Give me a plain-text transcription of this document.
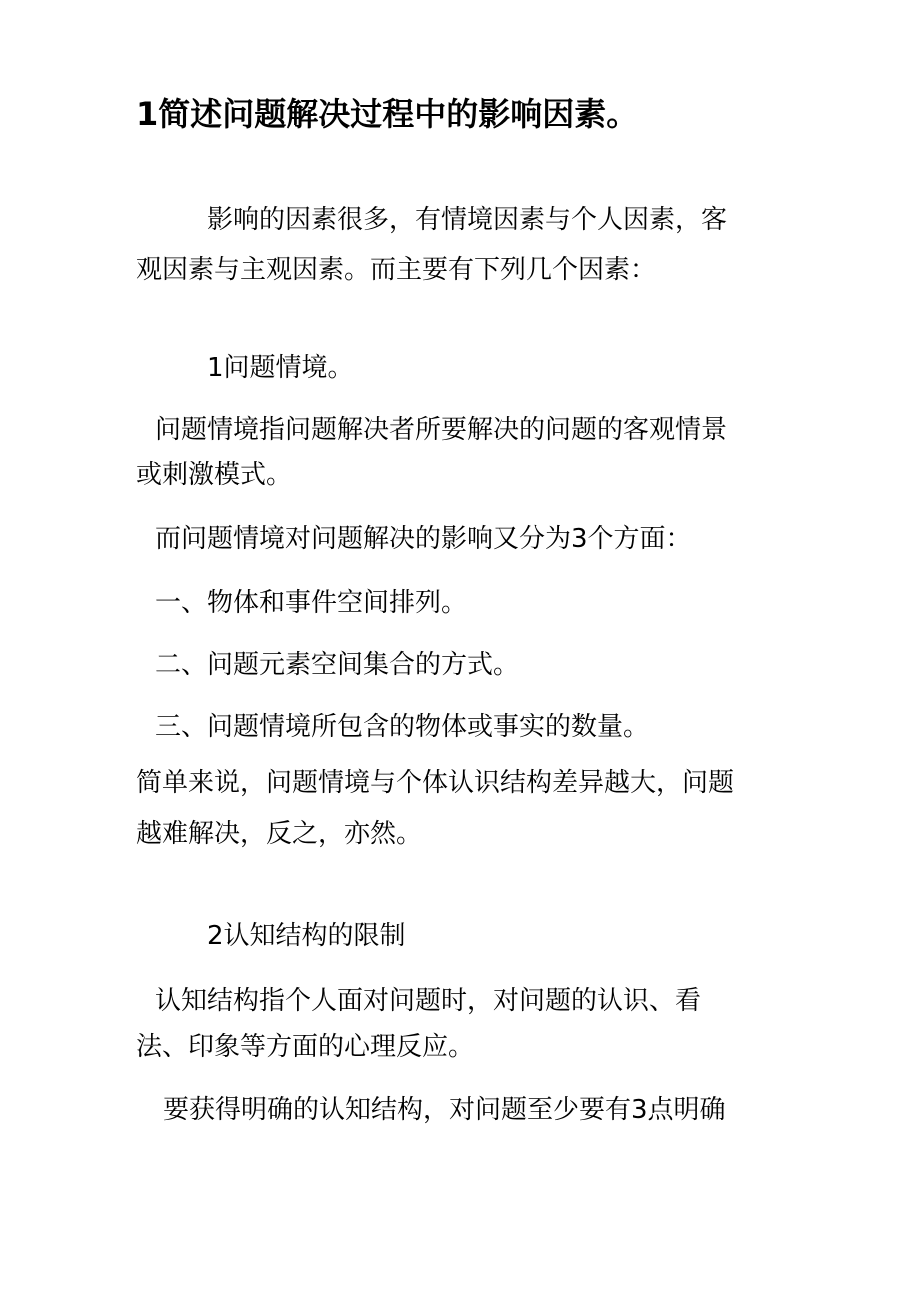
1简述问题解决过程中的影响因素。

影响的因素很多，有情境因素与个人因素，客

观因素与主观因素。而主要有下列几个因素：

1问题情境。

问题情境指问题解决者所要解决的问题的客观情景

或刺激模式。

而问题情境对问题解决的影响又分为3个方面：

一、物体和事件空间排列。

二、问题元素空间集合的方式。

三、问题情境所包含的物体或事实的数量。

简单来说，问题情境与个体认识结构差异越大，问题

越难解决，反之，亦然。

2认知结构的限制

认知结构指个人面对问题时，对问题的认识、看

法、印象等方面的心理反应。

要获得明确的认知结构，对问题至少要有3点明确
